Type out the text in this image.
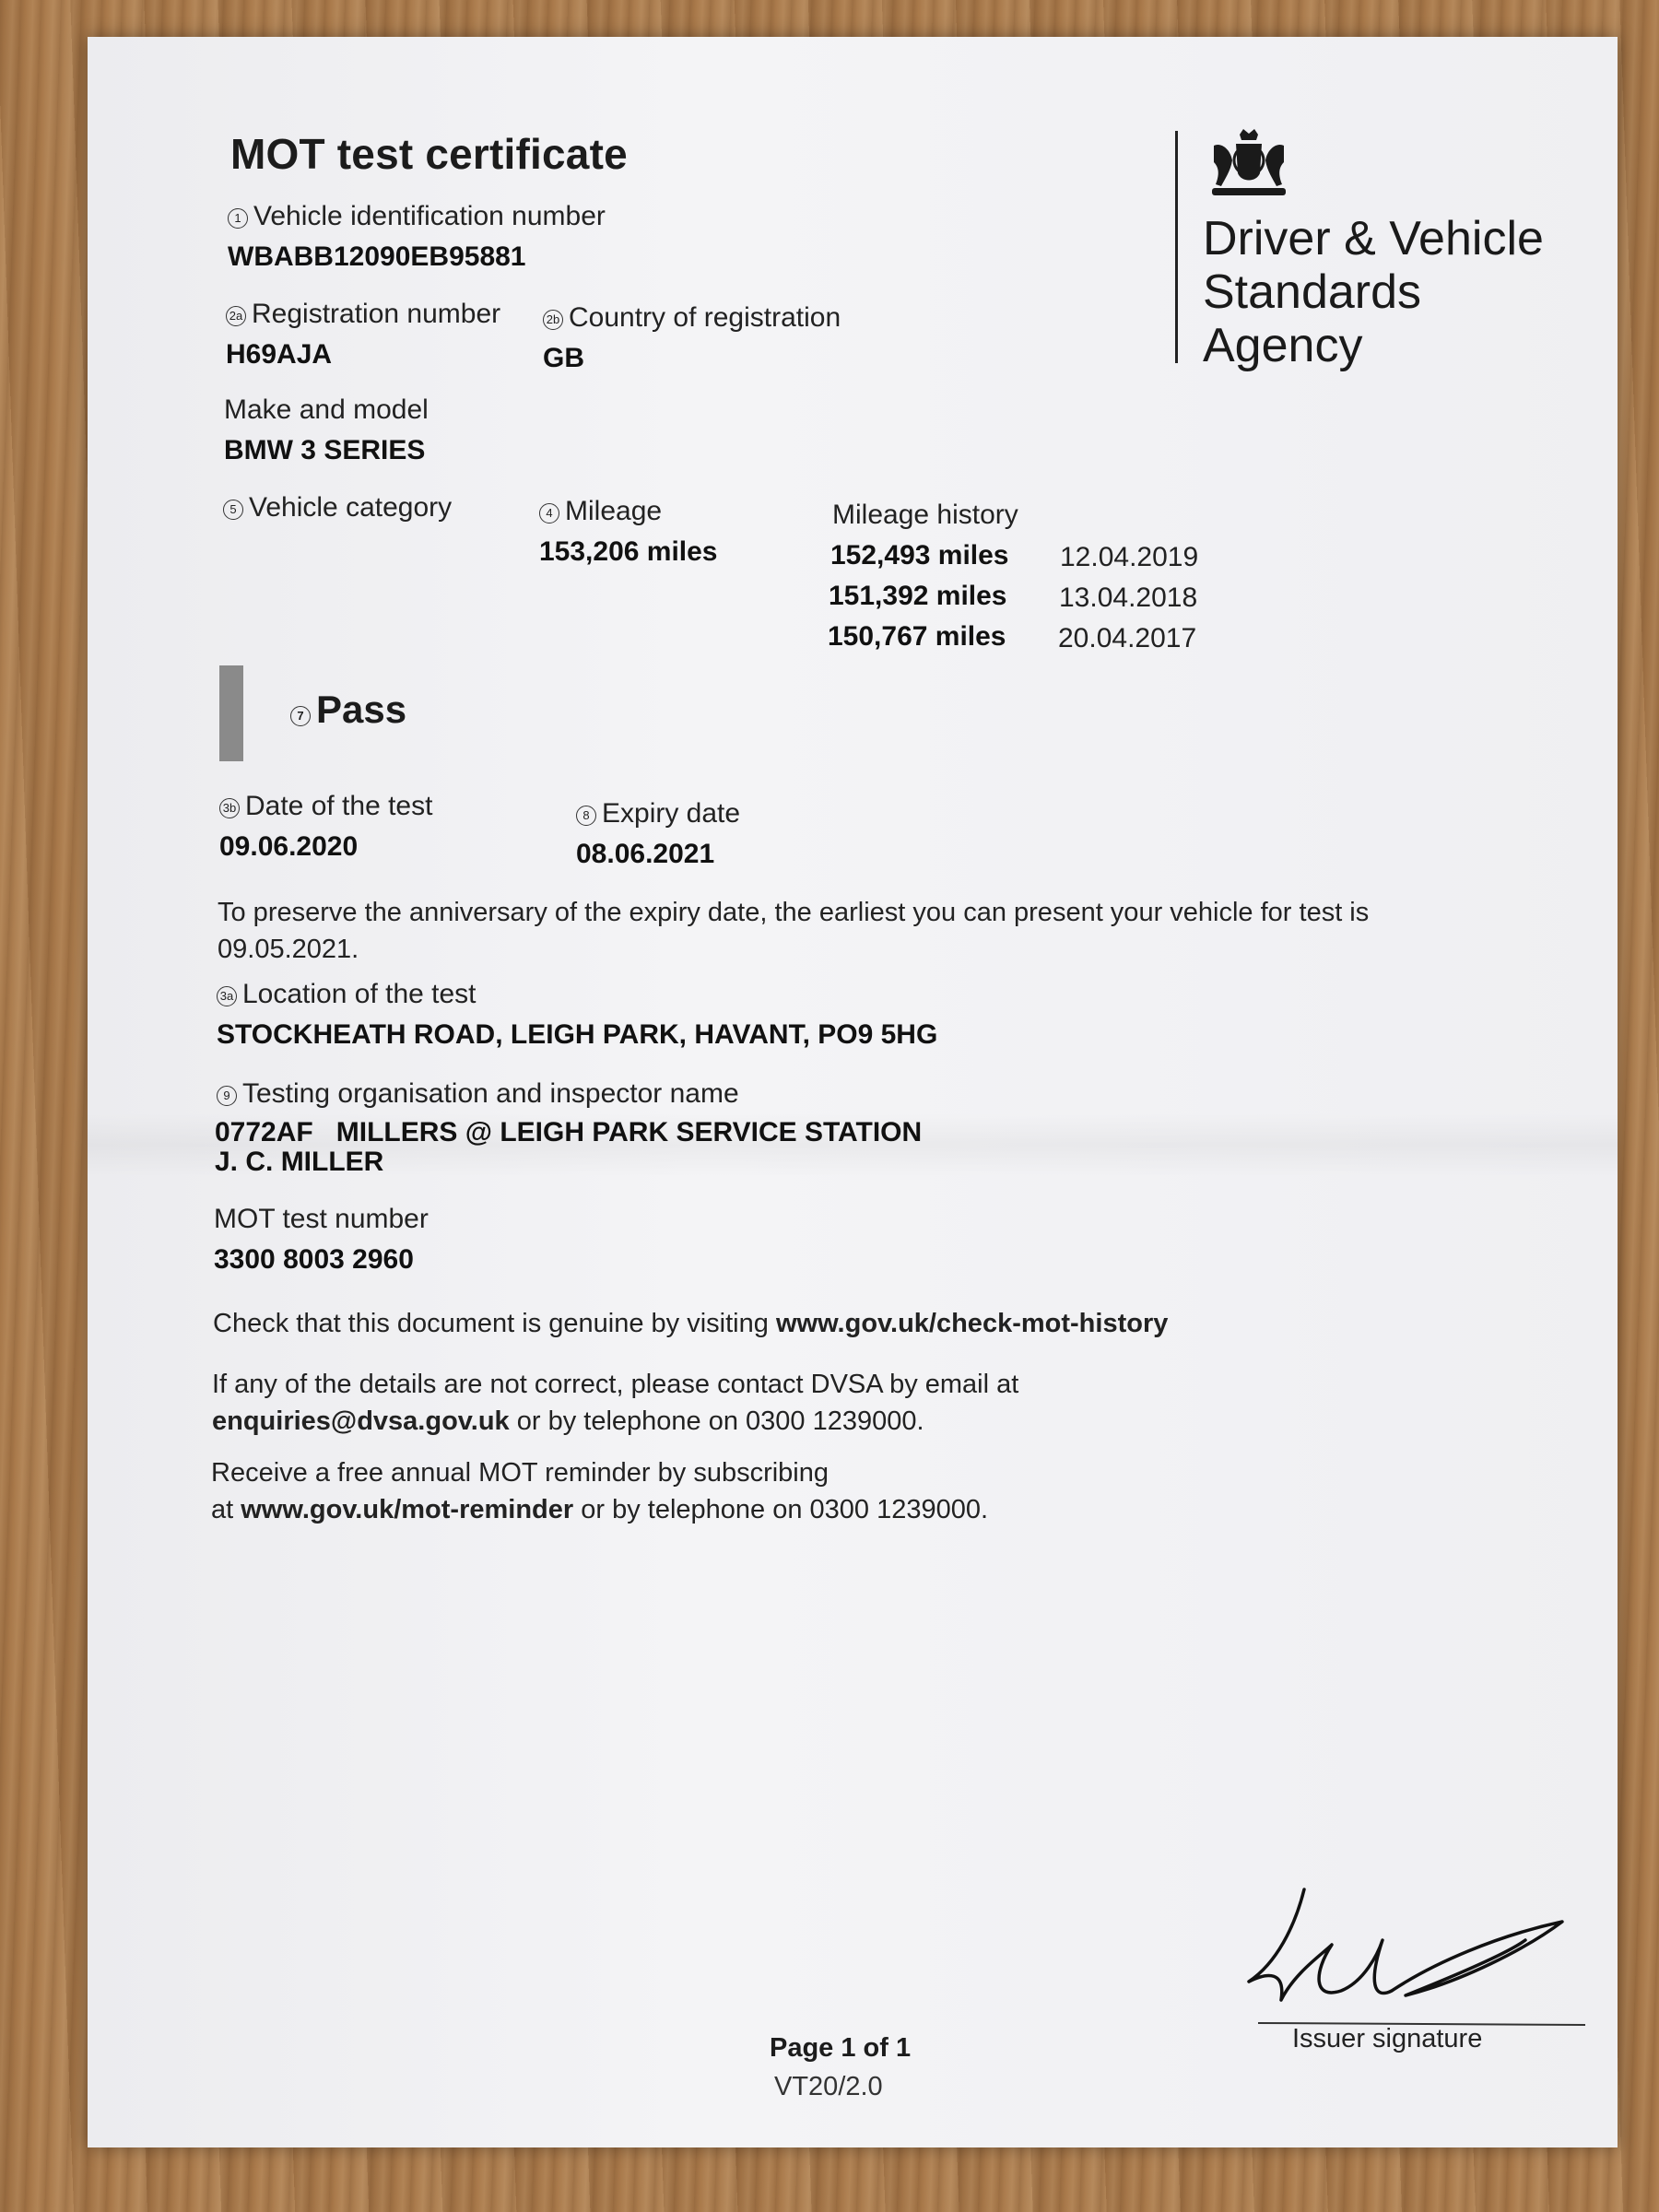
MOT test certificate
1 Vehicle identification number
WBABB12090EB95881
2a Registration number
H69AJA
2b Country of registration
GB
Make and model
BMW 3 SERIES
5 Vehicle category	4 Mileage
153,206 miles
Mileage history
152,493 miles 12.04.2019
151,392 miles 13.04.2018
150,767 miles 20.04.2017
7 Pass
3b Date of the test
09.06.2020
8 Expiry date
08.06.2021
To preserve the anniversary of the expiry date, the earliest you can present your vehicle for test is
09.05.2021.
3a Location of the test
STOCKHEATH ROAD, LEIGH PARK, HAVANT, PO9 5HG
9 Testing organisation and inspector name
0772AF MILLERS @ LEIGH PARK SERVICE STATION
J. C. MILLER
MOT test number
3300 8003 2960
Check that this document is genuine by visiting www.gov.uk/check-mot-history
If any of the details are not correct, please contact DVSA by email at
enquiries@dvsa.gov.uk or by telephone on 0300 1239000.
Receive a free annual MOT reminder by subscribing
at www.gov.uk/mot-reminder or by telephone on 0300 1239000.
Page 1 of 1
VT20/2.0
Issuer signature
Driver & Vehicle
Standards
Agency
